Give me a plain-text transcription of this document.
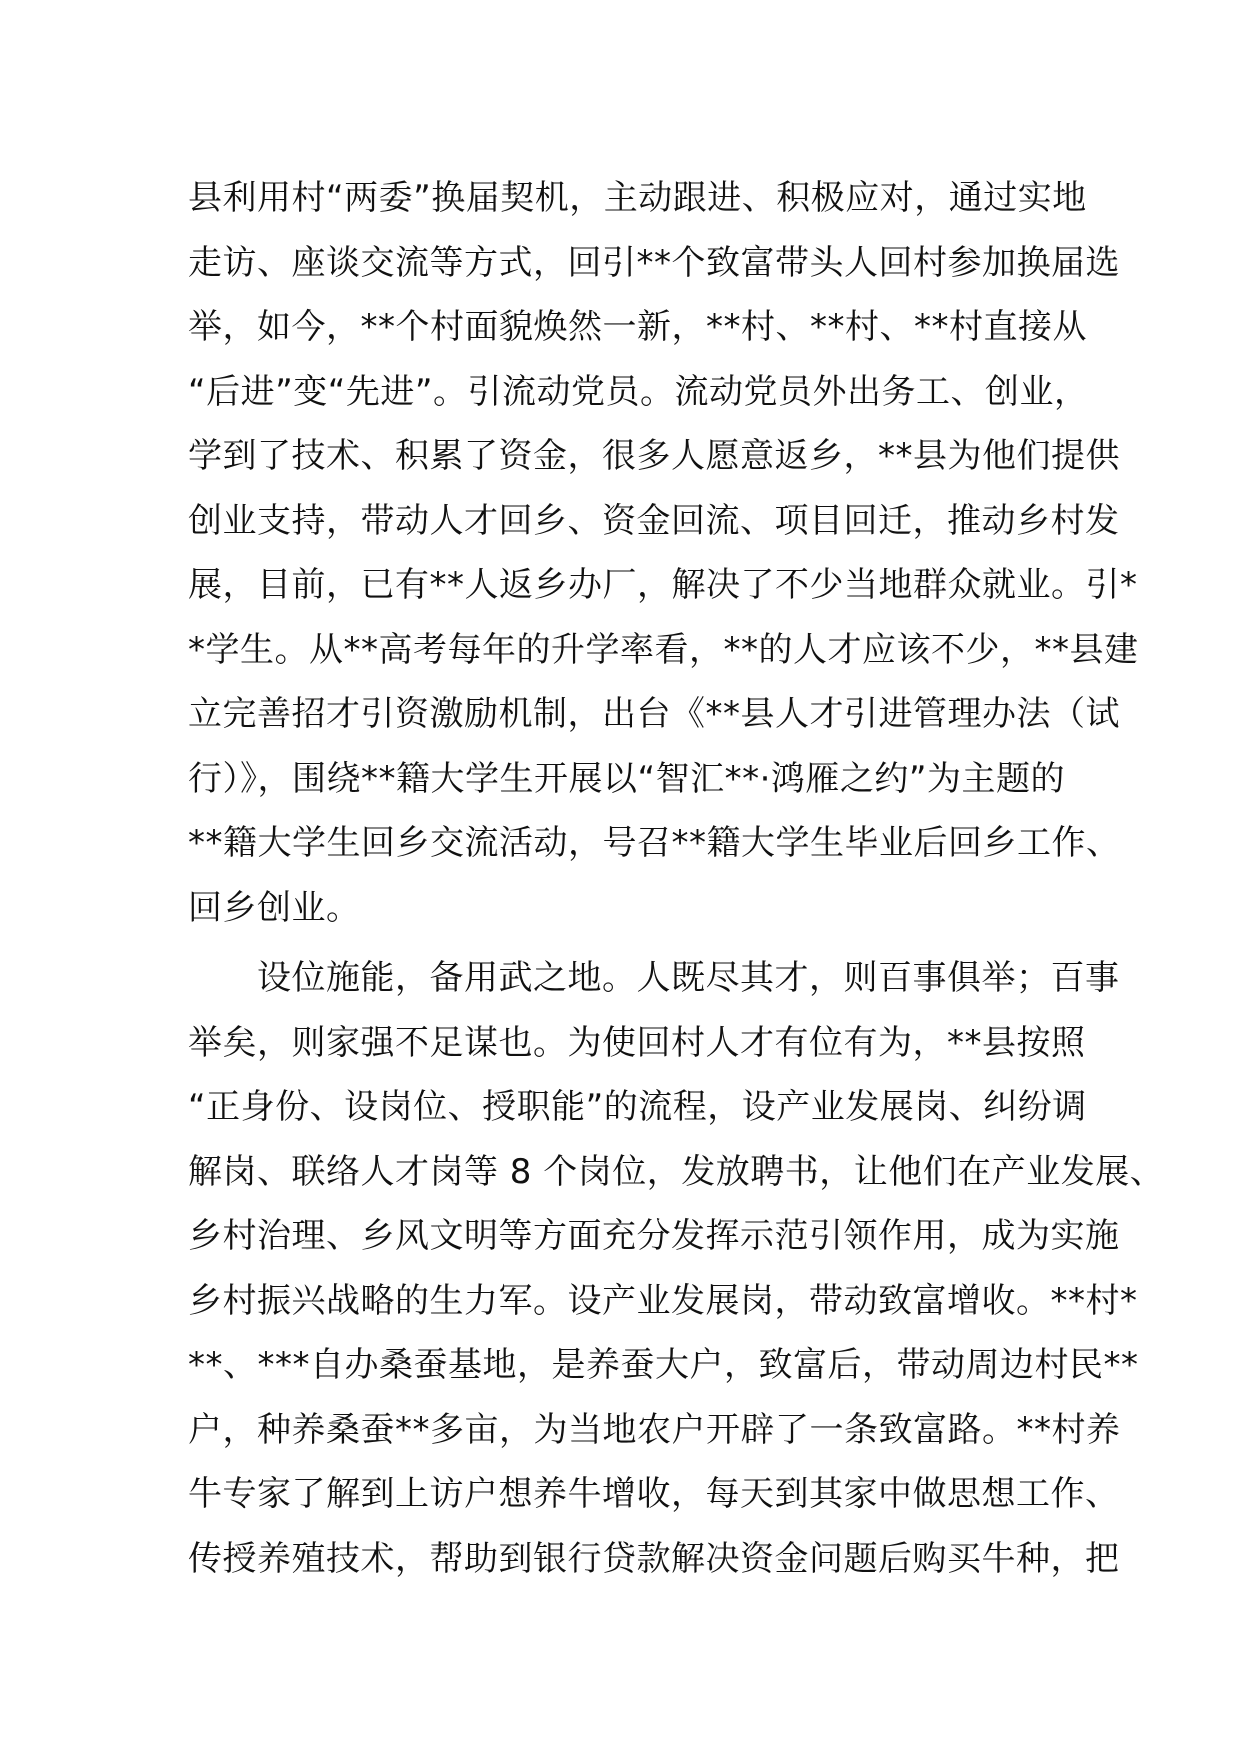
县利用村“两委”换届契机，主动跟进、积极应对，通过实地
走访、座谈交流等方式，回引**个致富带头人回村参加换届选
举，如今，**个村面貌焕然一新，**村、**村、**村直接从
“后进”变“先进”。引流动党员。流动党员外出务工、创业，
学到了技术、积累了资金，很多人愿意返乡，**县为他们提供
创业支持，带动人才回乡、资金回流、项目回迁，推动乡村发
展，目前，已有**人返乡办厂，解决了不少当地群众就业。引*
*学生。从**高考每年的升学率看，**的人才应该不少，**县建
立完善招才引资激励机制，出台《**县人才引进管理办法（试
行）》，围绕**籍大学生开展以“智汇**·鸿雁之约”为主题的
**籍大学生回乡交流活动，号召**籍大学生毕业后回乡工作、
回乡创业。
　　设位施能，备用武之地。人既尽其才，则百事俱举；百事
举矣，则家强不足谋也。为使回村人才有位有为，**县按照
“正身份、设岗位、授职能”的流程，设产业发展岗、纠纷调
解岗、联络人才岗等 8 个岗位，发放聘书，让他们在产业发展、
乡村治理、乡风文明等方面充分发挥示范引领作用，成为实施
乡村振兴战略的生力军。设产业发展岗，带动致富增收。**村*
**、***自办桑蚕基地，是养蚕大户，致富后，带动周边村民**
户，种养桑蚕**多亩，为当地农户开辟了一条致富路。**村养
牛专家了解到上访户想养牛增收，每天到其家中做思想工作、
传授养殖技术，帮助到银行贷款解决资金问题后购买牛种，把
